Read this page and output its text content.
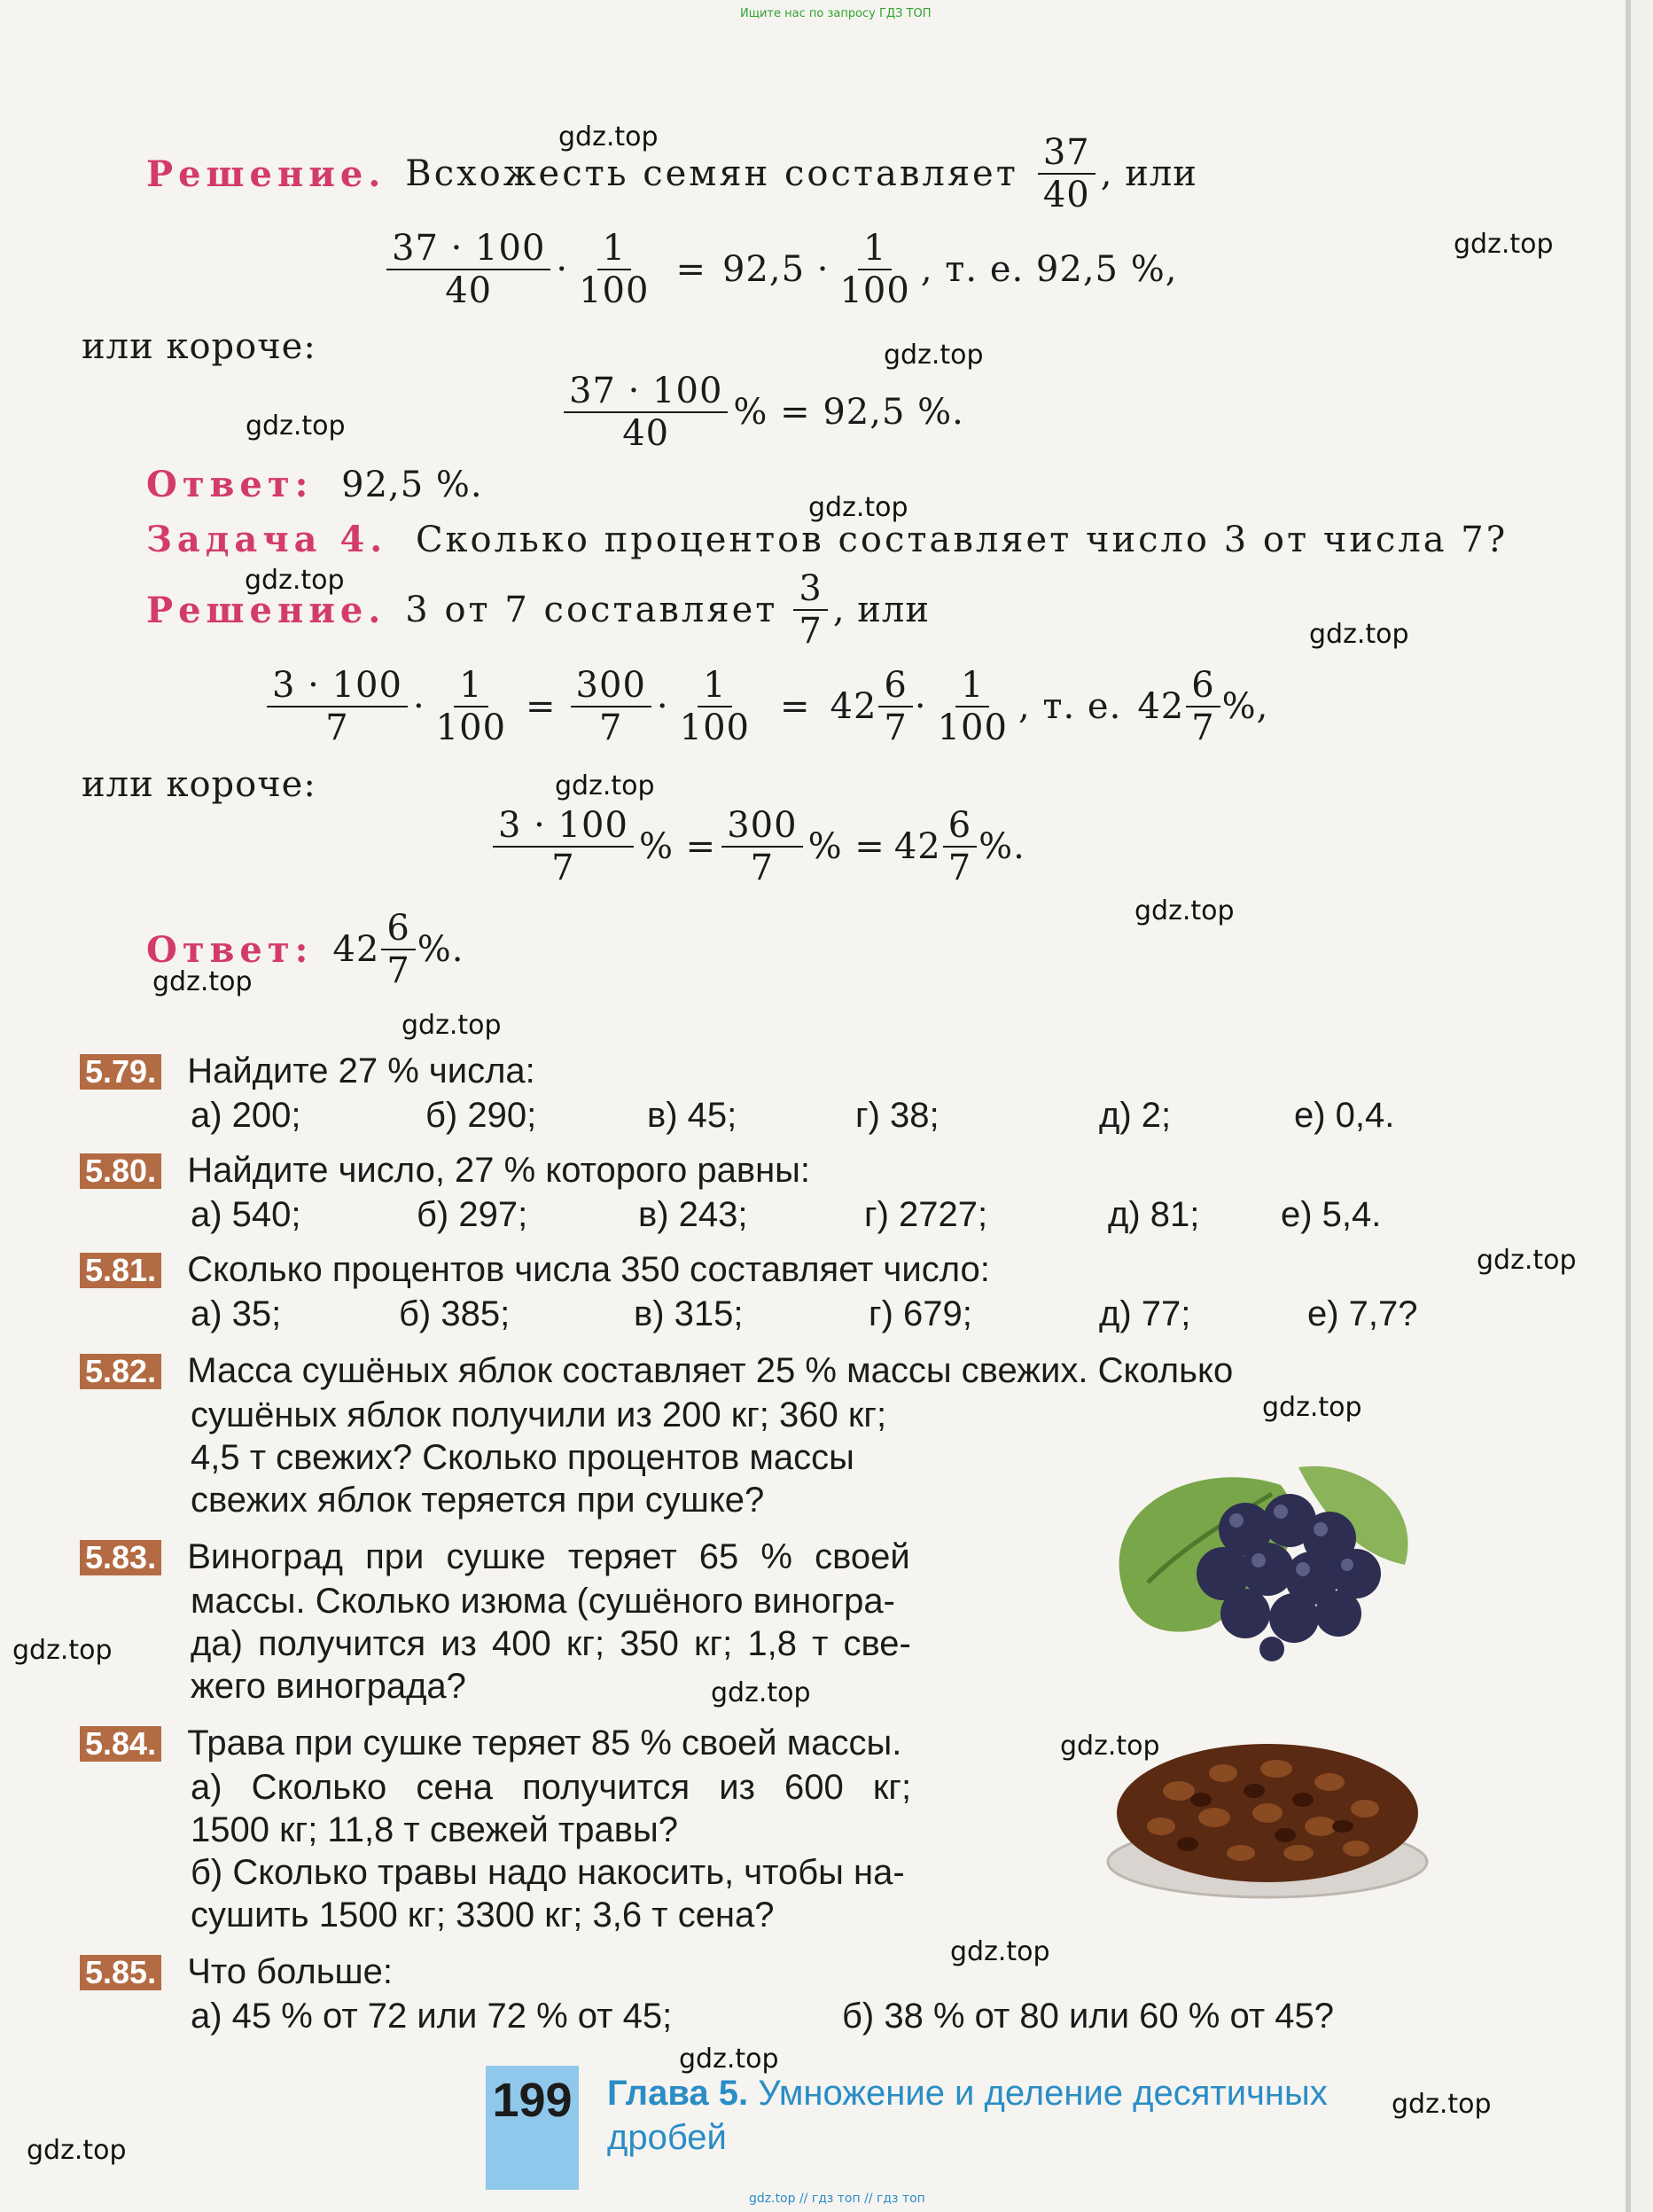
Ищите нас по запросу ГДЗ ТОП
gdz.top
gdz.top
gdz.top
gdz.top
gdz.top
gdz.top
gdz.top
gdz.top
gdz.top
gdz.top
gdz.top
gdz.top
gdz.top
gdz.top
gdz.top
gdz.top
gdz.top
gdz.top
gdz.top
gdz.top
Решение. Всхожесть семян составляет $\frac{37}{40}$ , или
$\frac{37 \cdot 100}{40} \cdot \frac{1}{100} = 92,5 \cdot \frac{1}{100}$ , т. е. 92,5 %,
или короче:
$\frac{37 \cdot 100}{40}$ % = 92,5 %.
Ответ: 92,5 %.
Задача 4. Сколько процентов составляет число 3 от числа 7?
Решение. 3 от 7 составляет $\frac{3}{7}$ , или
$\frac{3 \cdot 100}{7} \cdot \frac{1}{100} = \frac{300}{7} \cdot \frac{1}{100} = 42 \frac{6}{7} \cdot \frac{1}{100}$ , т. е. $42 \frac{6}{7}$ %,
или короче:
$\frac{3 \cdot 100}{7}$ % = $\frac{300}{7}$ % = $42 \frac{6}{7}$ %.
Ответ: $42 \frac{6}{7}$ %.
5.79. Найдите 27 % числа:
а) 200;	б) 290;	в) 45;	г) 38;	д) 2;	е) 0,4.
5.80. Найдите число, 27 % которого равны:
а) 540;	б) 297;	в) 243;	г) 2727;	д) 81;	е) 5,4.
5.81. Сколько процентов числа 350 составляет число:
а) 35;	б) 385;	в) 315;	г) 679;	д) 77;	е) 7,7?
5.82. Масса сушёных яблок составляет 25 % массы свежих. Сколько
сушёных яблок получили из 200 кг; 360 кг;
4,5 т свежих? Сколько процентов массы
свежих яблок теряется при сушке?
5.83. Виноград при сушке теряет 65 % своей
массы. Сколько изюма (сушёного виногра-
да) получится из 400 кг; 350 кг; 1,8 т све-
жего винограда?
5.84. Трава при сушке теряет 85 % своей массы.
а) Сколько сена получится из 600 кг;
1500 кг; 11,8 т свежей травы?
б) Сколько травы надо накосить, чтобы на-
сушить 1500 кг; 3300 кг; 3,6 т сена?
5.85. Что больше:
а) 45 % от 72 или 72 % от 45;	б) 38 % от 80 или 60 % от 45?
199 Глава 5. Умножение и деление десятичных
дробей
gdz.top // гдз топ // гдз топ
